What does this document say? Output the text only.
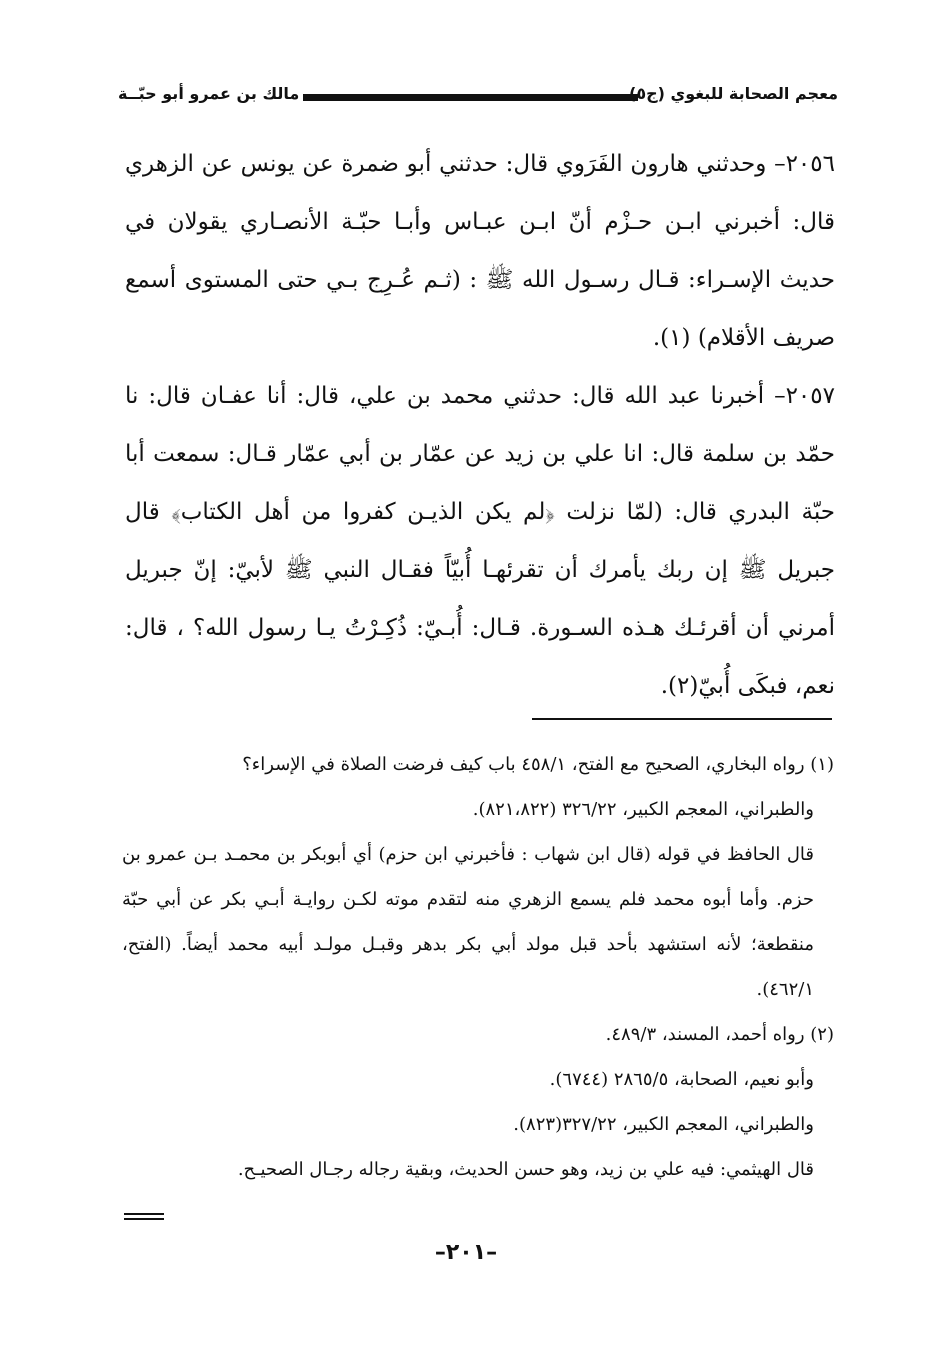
مالك بن عمرو أبو حبّــة	معجم الصحابة للبغوي (ج٥)

٢٠٥٦– وحدثني هارون الفَرَوي قال: حدثني أبو ضمرة عن يونس عن الزهري قال: أخبرني ابـن حـزْم أنّ ابـن عبـاس وأبـا حبّـة الأنصـاري يقولان في حديث الإسـراء: قـال رسـول الله ﷺ : (ثـم عُـرِج بـي حتى المستوى أسمع صريف الأقلام) (١).

٢٠٥٧– أخبرنا عبد الله قال: حدثني محمد بن علي، قال: أنا عفـان قال: نا حمّد بن سلمة قال: انا علي بن زيد عن عمّار بن أبي عمّار قـال: سمعت أبا حبّة البدري قال: (لمّا نزلت ﴿لم يكن الذيـن كفروا من أهل الكتاب﴾ قال جبريل ﷺ إن ربك يأمرك أن تقرئهـا أُبيّاً فقـال النبي ﷺ لأبيّ: إنّ جبريل أمرني أن أقرئـك هـذه السـورة. قـال: أُبـيّ: ذُكِـرْتُ يـا رسول الله؟ ، قال: نعم، فبكَى أُبيّ(٢).

(١) رواه البخاري، الصحيح مع الفتح، ٤٥٨/١ باب كيف فرضت الصلاة في الإسراء؟

والطبراني، المعجم الكبير، ٣٢٦/٢٢ (٨٢١،٨٢٢).

قال الحافظ في قوله (قال ابن شهاب : فأخبرني ابن حزم) أي أبوبكر بن محمـد بـن عمرو بن حزم. وأما أبوه محمد فلم يسمع الزهري منه لتقدم موته لكـن روايـة أبـي بكر عن أبي حبّة منقطعة؛ لأنه استشهد بأحد قبل مولد أبي بكر بدهر وقبـل مولـد أبيه محمد أيضاً. (الفتح، ٤٦٢/١).

(٢) رواه أحمد، المسند، ٤٨٩/٣.

وأبو نعيم، الصحابة، ٢٨٦٥/٥ (٦٧٤٤).

والطبراني، المعجم الكبير، ٣٢٧/٢٢(٨٢٣).

قال الهيثمي: فيه علي بن زيد، وهو حسن الحديث، وبقية رجاله رجـال الصحيـح.

–٢٠١–
